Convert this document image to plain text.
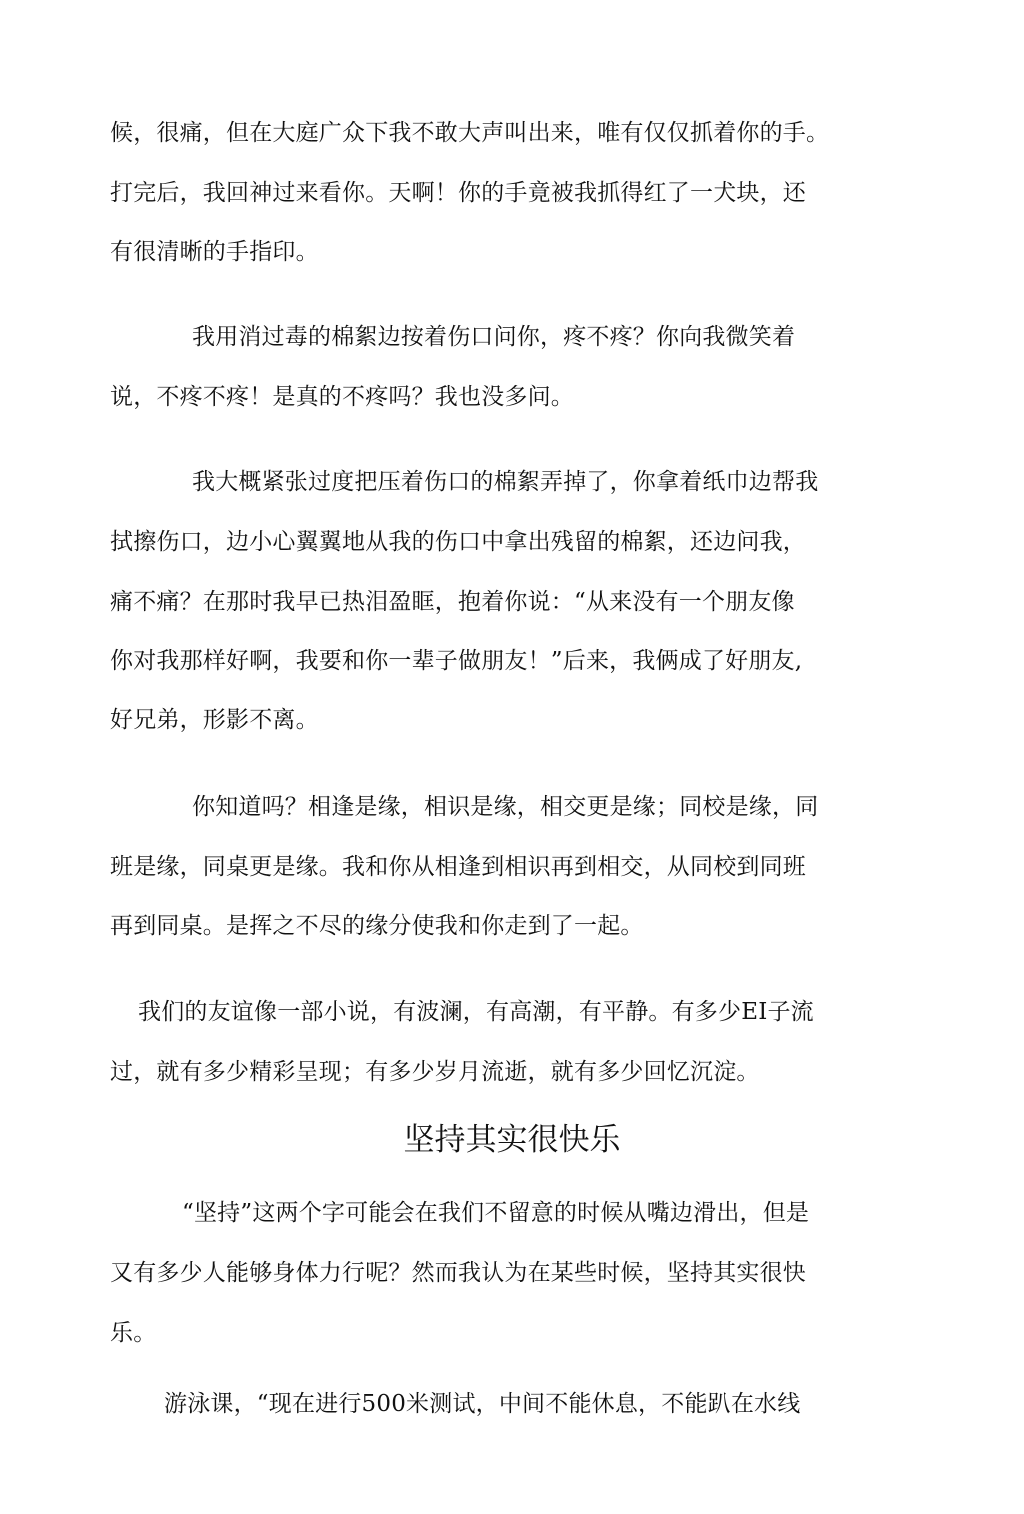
候，很痛，但在大庭广众下我不敢大声叫出来，唯有仅仅抓着你的手。
打完后，我回神过来看你。天啊！你的手竟被我抓得红了一犬块，还
有很清晰的手指印。
我用消过毒的棉絮边按着伤口问你，疼不疼？你向我微笑着
说，不疼不疼！是真的不疼吗？我也没多问。
我大概紧张过度把压着伤口的棉絮弄掉了，你拿着纸巾边帮我
拭擦伤口，边小心翼翼地从我的伤口中拿出残留的棉絮，还边问我，
痛不痛？在那时我早已热泪盈眶，抱着你说：“从来没有一个朋友像
你对我那样好啊，我要和你一辈子做朋友！”后来，我俩成了好朋友,
好兄弟，形影不离。
你知道吗？相逢是缘，相识是缘，相交更是缘；同校是缘，同
班是缘，同桌更是缘。我和你从相逢到相识再到相交，从同校到同班
再到同桌。是挥之不尽的缘分使我和你走到了一起。
我们的友谊像一部小说，有波澜，有高潮，有平静。有多少EI子流
过，就有多少精彩呈现；有多少岁月流逝，就有多少回忆沉淀。
坚持其实很快乐
“坚持”这两个字可能会在我们不留意的时候从嘴边滑出，但是
又有多少人能够身体力行呢？然而我认为在某些时候，坚持其实很快
乐。
游泳课，“现在进行500米测试，中间不能休息，不能趴在水线
